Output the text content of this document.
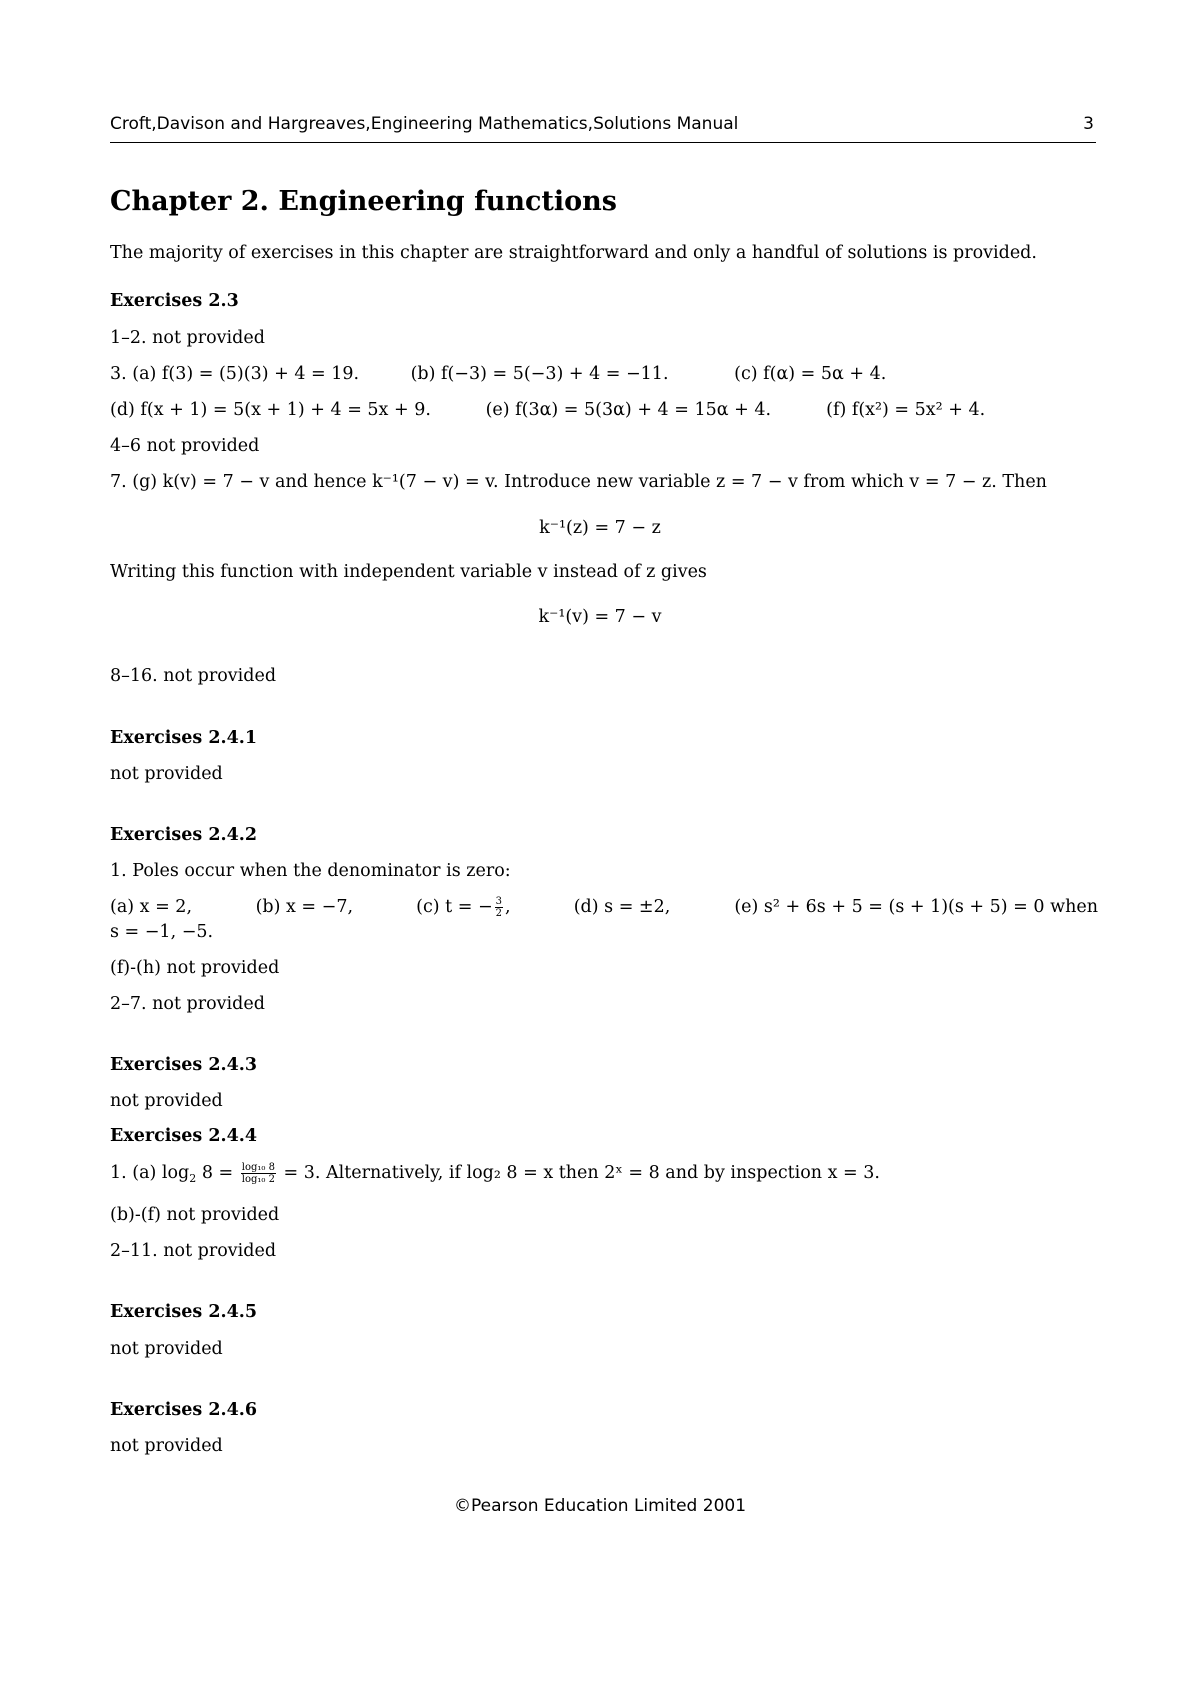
Croft,Davison and Hargreaves,Engineering Mathematics,Solutions Manual	3
Chapter 2. Engineering functions
The majority of exercises in this chapter are straightforward and only a handful of solutions is provided.
Exercises 2.3
1–2. not provided
3. (a) f(3) = (5)(3) + 4 = 19.	(b) f(−3) = 5(−3) + 4 = −11.	(c) f(α) = 5α + 4.
(d) f(x + 1) = 5(x + 1) + 4 = 5x + 9.	(e) f(3α) = 5(3α) + 4 = 15α + 4.	(f) f(x²) = 5x² + 4.
4–6 not provided
7. (g) k(v) = 7 − v and hence k⁻¹(7 − v) = v. Introduce new variable z = 7 − v from which v = 7 − z. Then
k⁻¹(z) = 7 − z
Writing this function with independent variable v instead of z gives
k⁻¹(v) = 7 − v
8–16. not provided
Exercises 2.4.1
not provided
Exercises 2.4.2
1. Poles occur when the denominator is zero:
(a) x = 2,	(b) x = −7,	(c) t = − $\frac{3}{2}$ ,	(d) s = ±2,	(e) s² + 6s + 5 = (s + 1)(s + 5) = 0 when
s = −1, −5.
(f)-(h) not provided
2–7. not provided
Exercises 2.4.3
not provided
Exercises 2.4.4
1. (a) $\log_2 8 = \frac{\text{log₁₀ 8}}{\text{log₁₀ 2}} = 3$. Alternatively, if log₂ 8 = x then 2ˣ = 8 and by inspection x = 3.
(b)-(f) not provided
2–11. not provided
Exercises 2.4.5
not provided
Exercises 2.4.6
not provided
©Pearson Education Limited 2001
